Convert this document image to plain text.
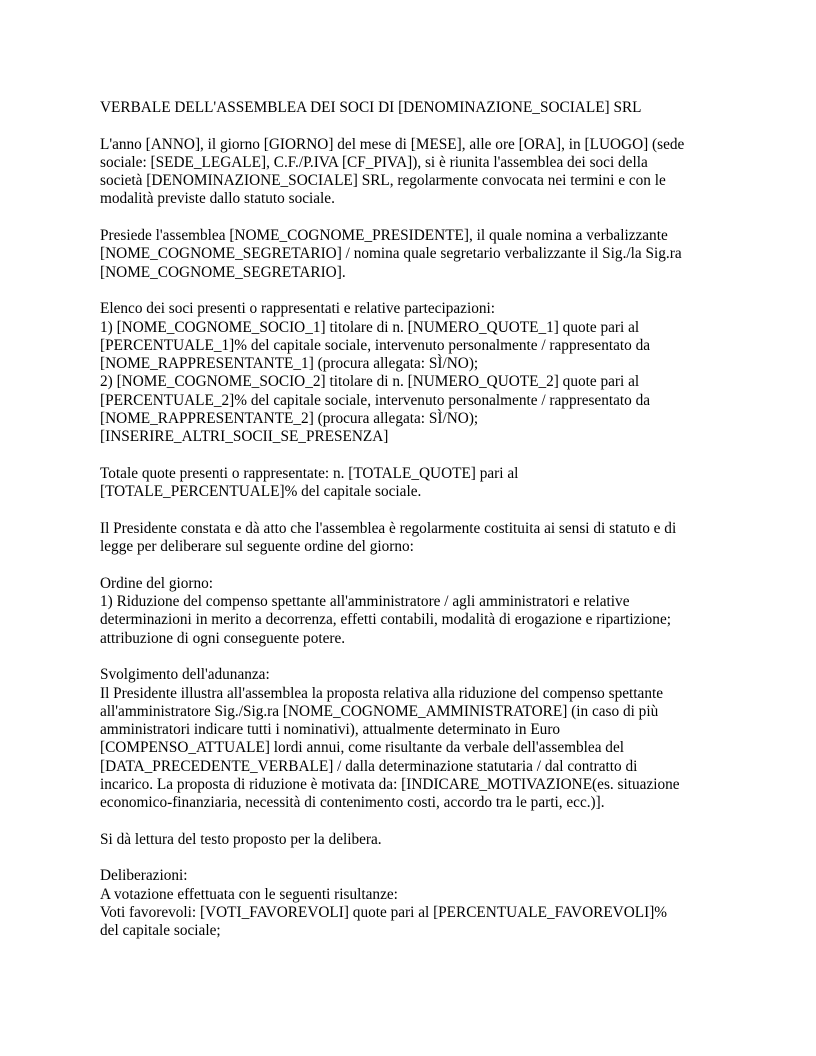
VERBALE DELL'ASSEMBLEA DEI SOCI DI [DENOMINAZIONE_SOCIALE] SRL
L'anno [ANNO], il giorno [GIORNO] del mese di [MESE], alle ore [ORA], in [LUOGO] (sede
sociale: [SEDE_LEGALE], C.F./P.IVA [CF_PIVA]), si è riunita l'assemblea dei soci della
società [DENOMINAZIONE_SOCIALE] SRL, regolarmente convocata nei termini e con le
modalità previste dallo statuto sociale.
Presiede l'assemblea [NOME_COGNOME_PRESIDENTE], il quale nomina a verbalizzante
[NOME_COGNOME_SEGRETARIO] / nomina quale segretario verbalizzante il Sig./la Sig.ra
[NOME_COGNOME_SEGRETARIO].
Elenco dei soci presenti o rappresentati e relative partecipazioni:
1) [NOME_COGNOME_SOCIO_1] titolare di n. [NUMERO_QUOTE_1] quote pari al
[PERCENTUALE_1]% del capitale sociale, intervenuto personalmente / rappresentato da
[NOME_RAPPRESENTANTE_1] (procura allegata: SÌ/NO);
2) [NOME_COGNOME_SOCIO_2] titolare di n. [NUMERO_QUOTE_2] quote pari al
[PERCENTUALE_2]% del capitale sociale, intervenuto personalmente / rappresentato da
[NOME_RAPPRESENTANTE_2] (procura allegata: SÌ/NO);
[INSERIRE_ALTRI_SOCII_SE_PRESENZA]
Totale quote presenti o rappresentate: n. [TOTALE_QUOTE] pari al
[TOTALE_PERCENTUALE]% del capitale sociale.
Il Presidente constata e dà atto che l'assemblea è regolarmente costituita ai sensi di statuto e di
legge per deliberare sul seguente ordine del giorno:
Ordine del giorno:
1) Riduzione del compenso spettante all'amministratore / agli amministratori e relative
determinazioni in merito a decorrenza, effetti contabili, modalità di erogazione e ripartizione;
attribuzione di ogni conseguente potere.
Svolgimento dell'adunanza:
Il Presidente illustra all'assemblea la proposta relativa alla riduzione del compenso spettante
all'amministratore Sig./Sig.ra [NOME_COGNOME_AMMINISTRATORE] (in caso di più
amministratori indicare tutti i nominativi), attualmente determinato in Euro
[COMPENSO_ATTUALE] lordi annui, come risultante da verbale dell'assemblea del
[DATA_PRECEDENTE_VERBALE] / dalla determinazione statutaria / dal contratto di
incarico. La proposta di riduzione è motivata da: [INDICARE_MOTIVAZIONE(es. situazione
economico-finanziaria, necessità di contenimento costi, accordo tra le parti, ecc.)].
Si dà lettura del testo proposto per la delibera.
Deliberazioni:
A votazione effettuata con le seguenti risultanze:
Voti favorevoli: [VOTI_FAVOREVOLI] quote pari al [PERCENTUALE_FAVOREVOLI]%
del capitale sociale;
